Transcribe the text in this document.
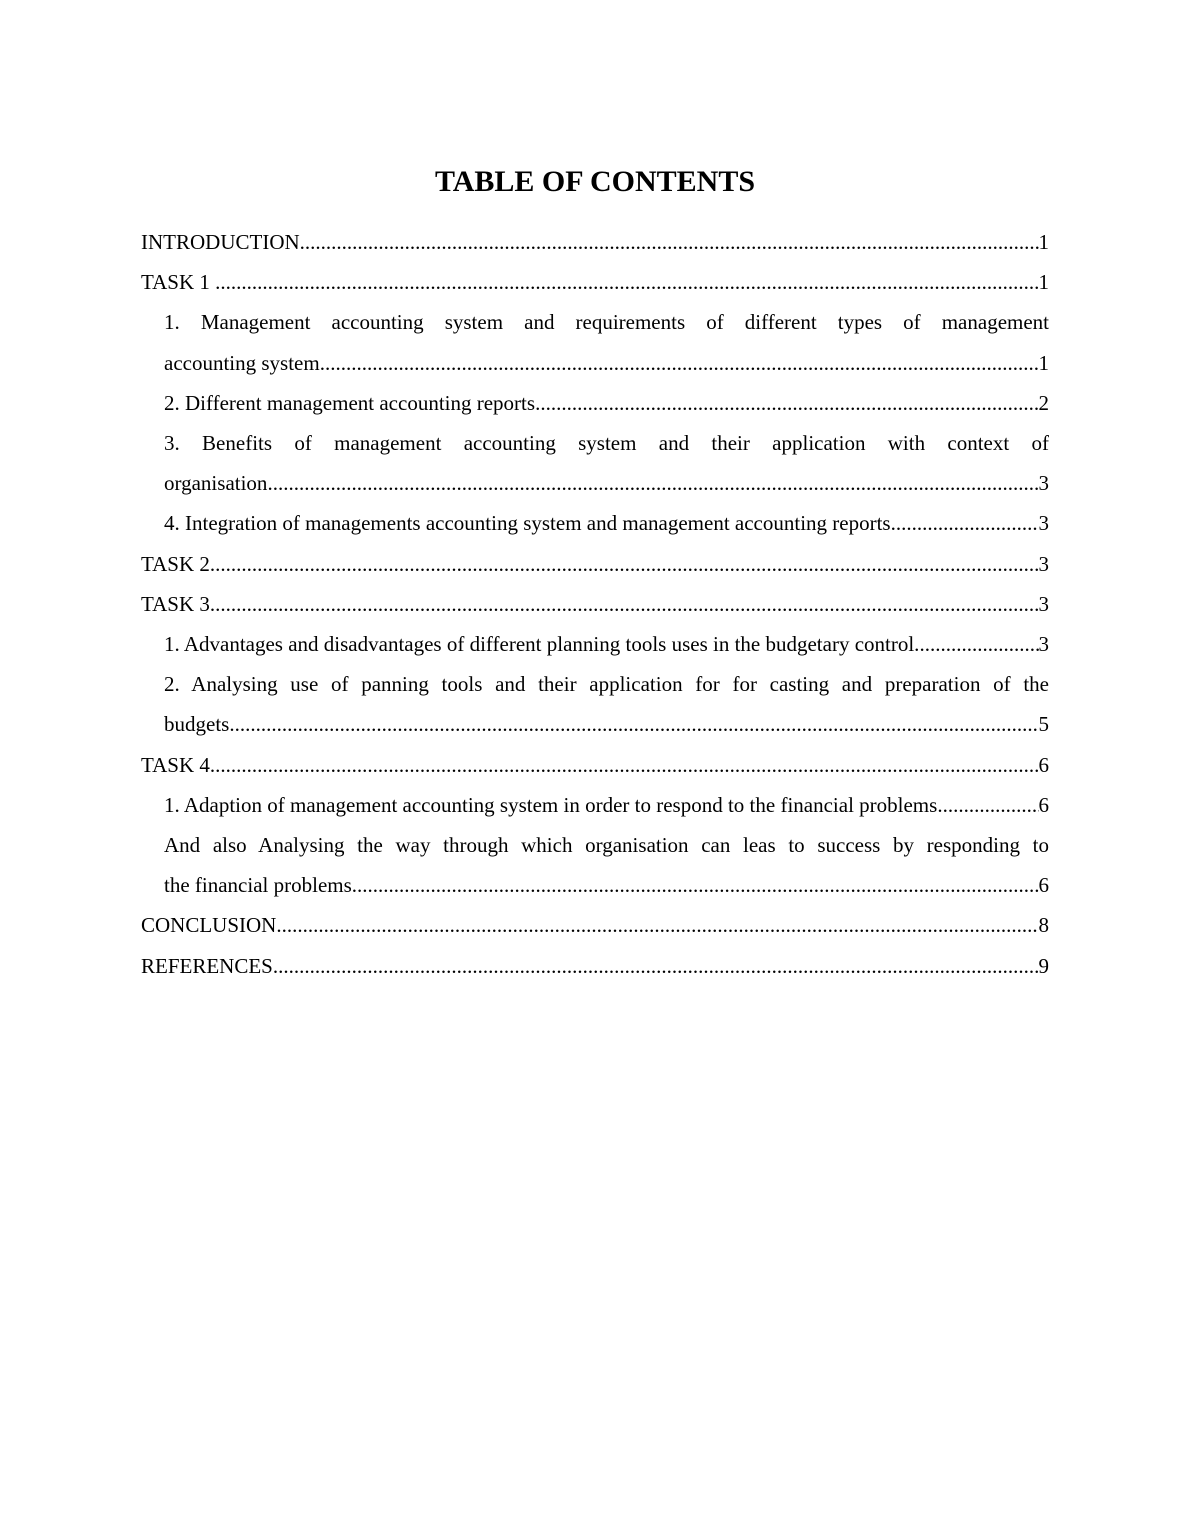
TABLE OF CONTENTS
INTRODUCTION .....	1
TASK 1 .....	1
1. Management accounting system and requirements of different types of management
accounting system .....	1
2. Different management accounting reports .....	2
3. Benefits of management accounting system and their application with context of
organisation .....	3
4. Integration of managements accounting system and management accounting reports .....	3
TASK 2 .....	3
TASK 3 .....	3
1. Advantages and disadvantages of different planning tools uses in the budgetary control. .....	3
2. Analysing use of panning tools and their application for for casting and preparation of the
budgets .....	5
TASK 4 .....	6
1. Adaption of management accounting system in order to respond to the financial problems .....	6
And also Analysing the way through which organisation can leas to success by responding to
the financial problems .....	6
CONCLUSION .....	8
REFERENCES .....	9
